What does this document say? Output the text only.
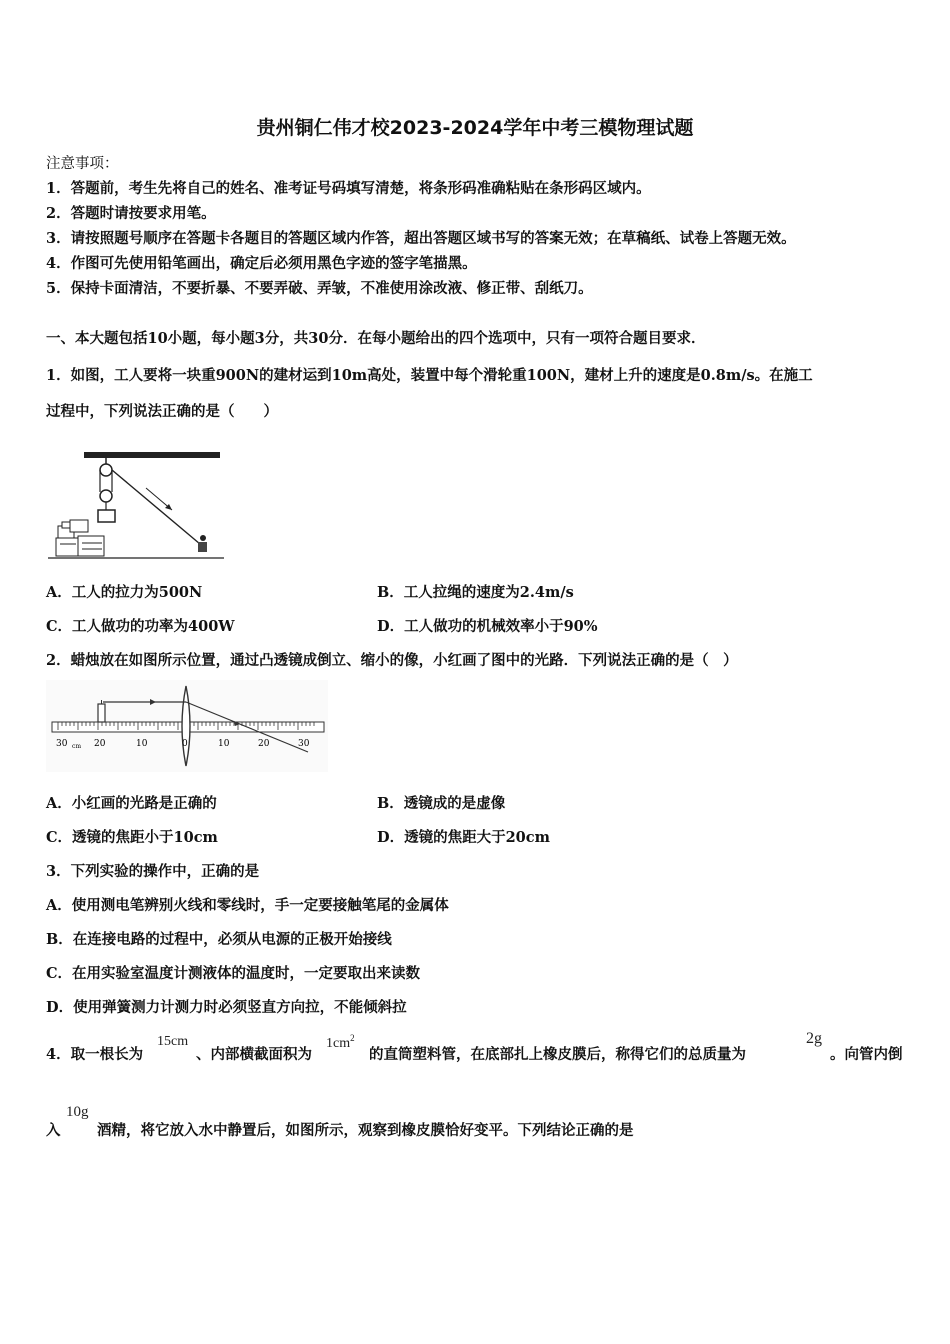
贵州铜仁伟才校2023-2024学年中考三模物理试题
注意事项：
1．答题前，考生先将自己的姓名、准考证号码填写清楚，将条形码准确粘贴在条形码区域内。
2．答题时请按要求用笔。
3．请按照题号顺序在答题卡各题目的答题区域内作答，超出答题区域书写的答案无效；在草稿纸、试卷上答题无效。
4．作图可先使用铅笔画出，确定后必须用黑色字迹的签字笔描黑。
5．保持卡面清洁，不要折暴、不要弄破、弄皱，不准使用涂改液、修正带、刮纸刀。
一、本大题包括10小题，每小题3分，共30分．在每小题给出的四个选项中，只有一项符合题目要求．
1．如图，工人要将一块重900N的建材运到10m高处，装置中每个滑轮重100N，建材上升的速度是0.8m/s。在施工
过程中，下列说法正确的是（　　）
A．工人的拉力为500N	B．工人拉绳的速度为2.4m/s
C．工人做功的功率为400W	D．工人做功的机械效率小于90%
2．蜡烛放在如图所示位置，通过凸透镜成倒立、缩小的像，小红画了图中的光路．下列说法正确的是（　）
30 cm 20	10	0	10	20	30
A．小红画的光路是正确的	B．透镜成的是虚像
C．透镜的焦距小于10cm	D．透镜的焦距大于20cm
3．下列实验的操作中，正确的是
A．使用测电笔辨别火线和零线时，手一定要接触笔尾的金属体
B．在连接电路的过程中，必须从电源的正极开始接线
C．在用实验室温度计测液体的温度时，一定要取出来读数
D．使用弹簧测力计测力时必须竖直方向拉，不能倾斜拉
4．取一根长为
15cm
、内部横截面积为
$1cm^2$
的直筒塑料管，在底部扎上橡皮膜后，称得它们的总质量为
2g
。向管内倒
入
10g
酒精，将它放入水中静置后，如图所示，观察到橡皮膜恰好变平。下列结论正确的是
